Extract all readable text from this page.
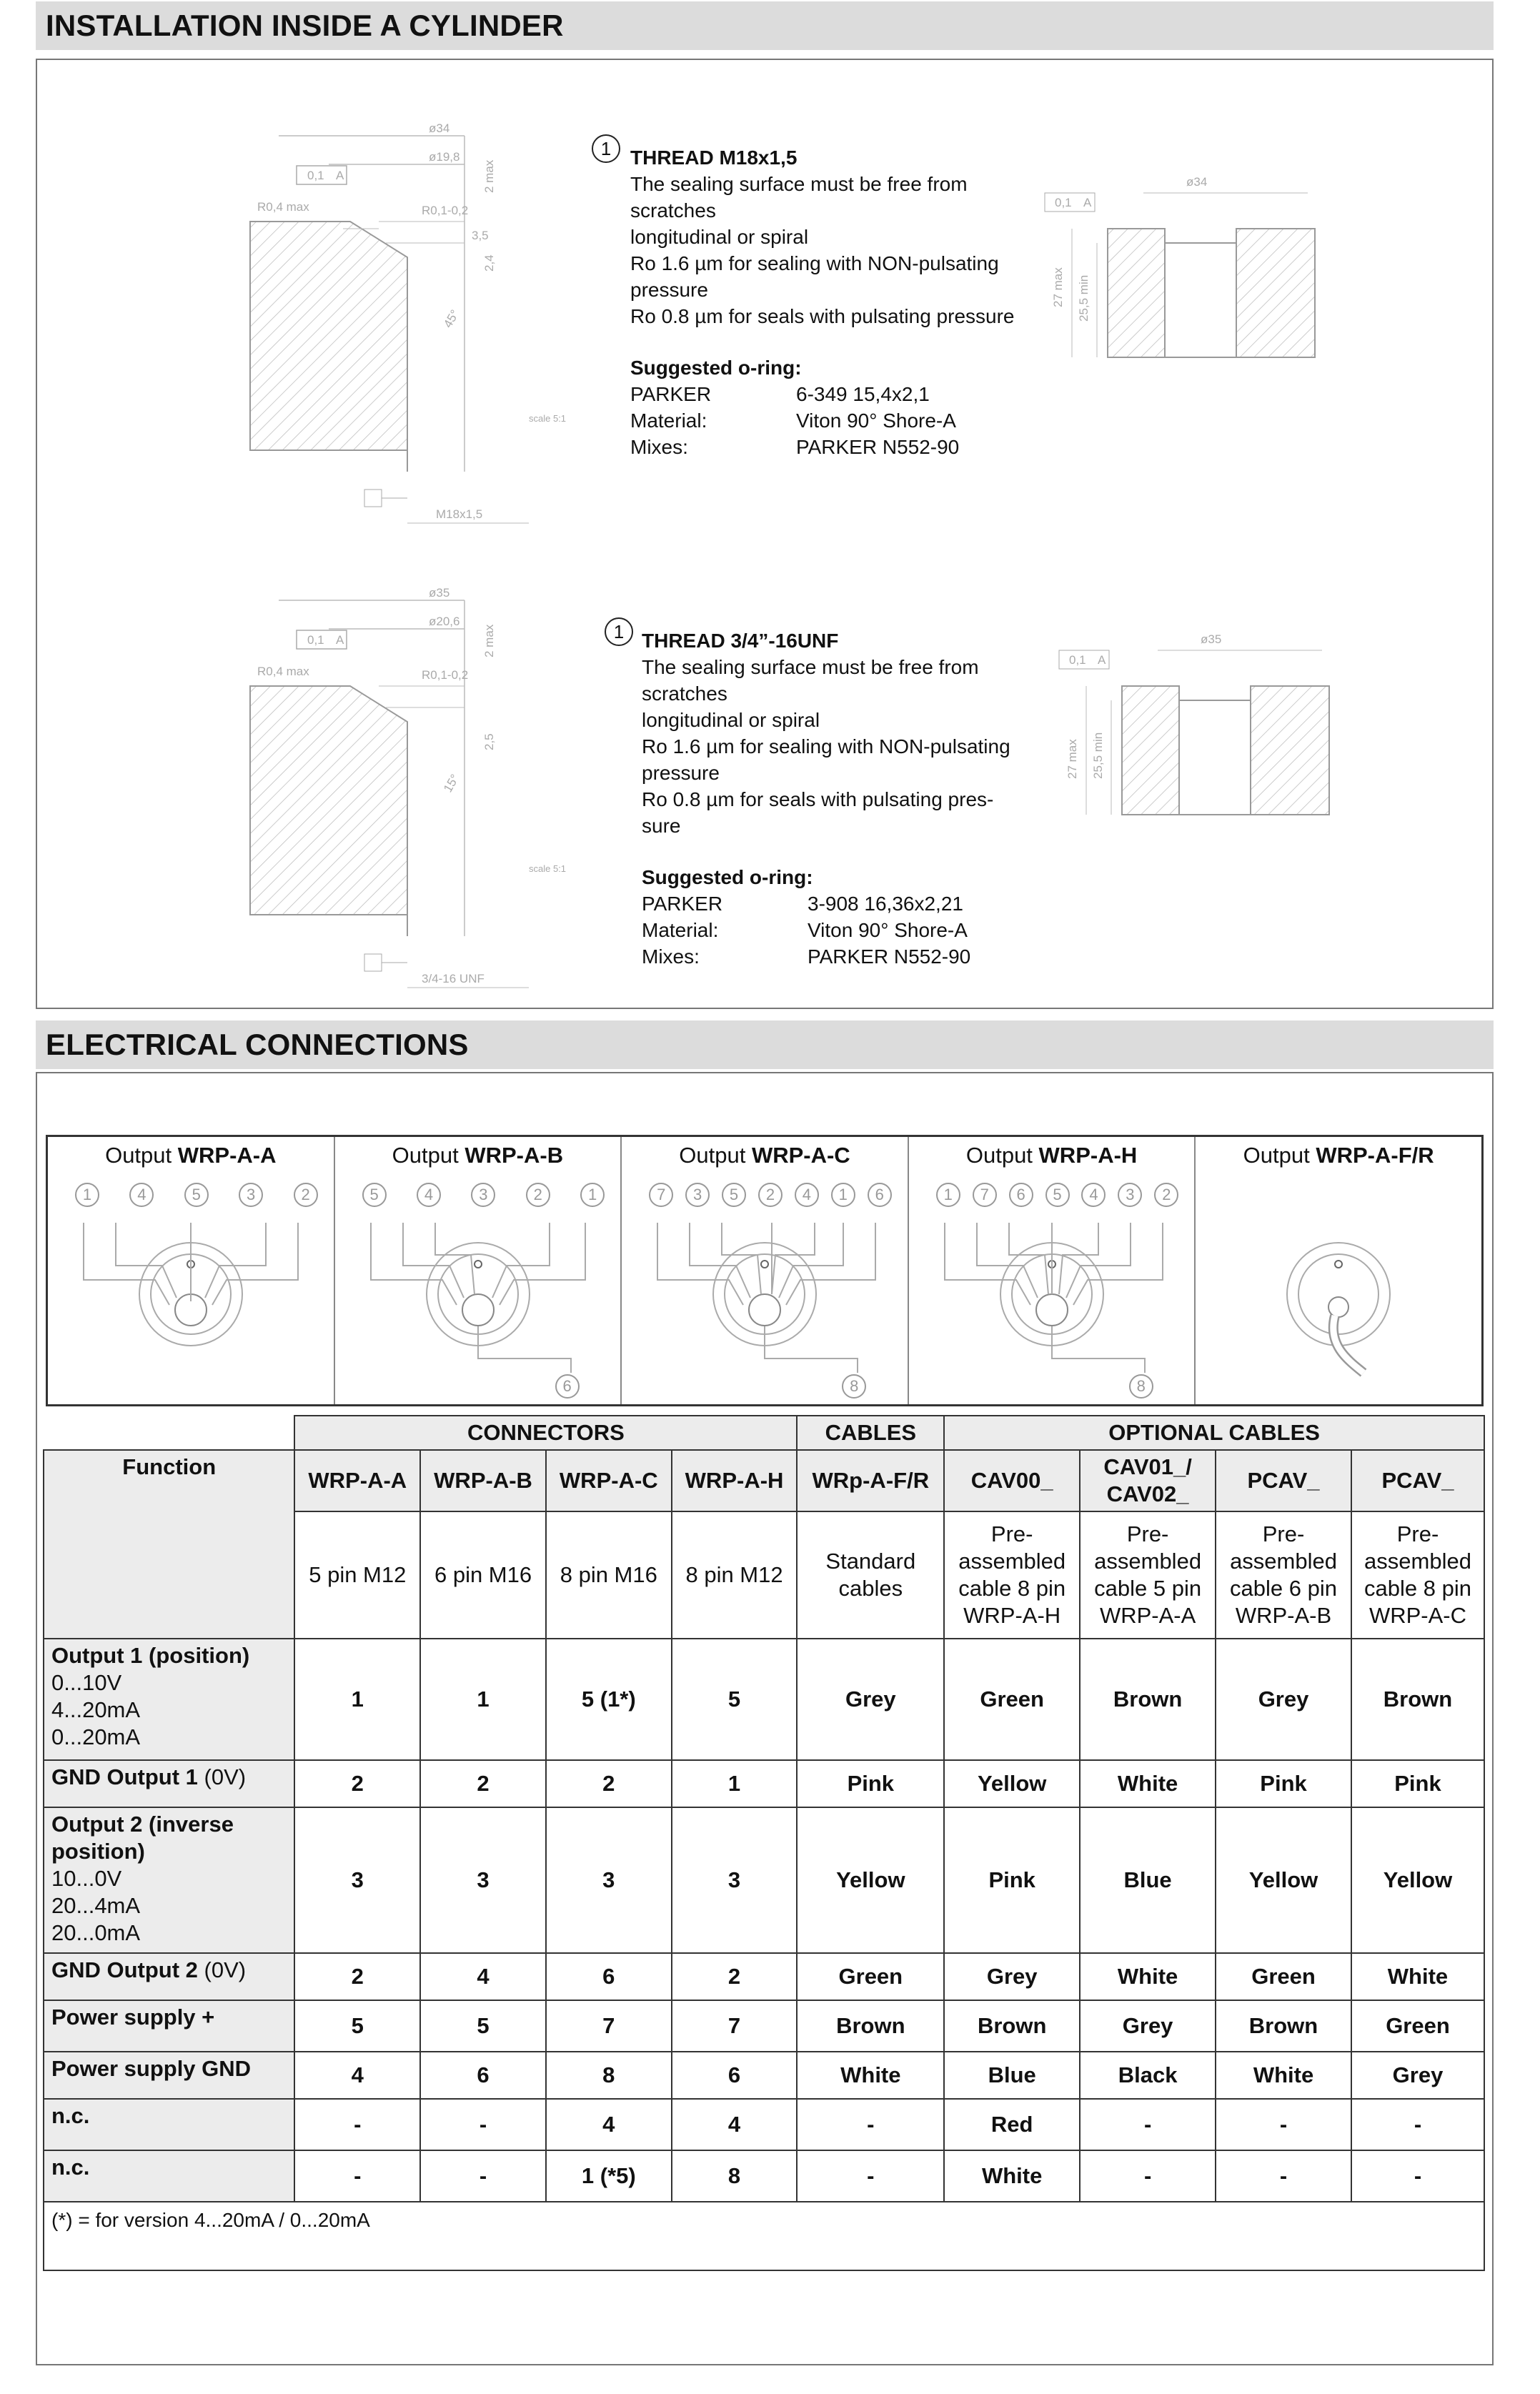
INSTALLATION INSIDE A CYLINDER
ø34
ø19,8
R0,4 max	R0,1-0,2
0,1 A	2 max
3,5
2,4
45°
scale 5:1
M18x1,5
ø34
0,1 A
27 max 25,5 min
1 THREAD M18x1,5
The sealing surface must be free from
scratches
longitudinal or spiral
Ro 1.6 µm for sealing with NON-pulsating
pressure
Ro 0.8 µm for seals with pulsating pressure
Suggested o-ring:
PARKER	6-349 15,4x2,1
Material:	Viton 90° Shore-A
Mixes:	PARKER N552-90
ø35
ø20,6
R0,4 max	R0,1-0,2
0,1 A	2 max
2,5
15°
scale 5:1
3/4-16 UNF
ø35
0,1 A
27 max 25,5 min
1 THREAD 3/4”-16UNF
The sealing surface must be free from
scratches
longitudinal or spiral
Ro 1.6 µm for sealing with NON-pulsating
pressure
Ro 0.8 µm for seals with pulsating pres-
sure
Suggested o-ring:
PARKER	3-908 16,36x2,21
Material:	Viton 90° Shore-A
Mixes:	PARKER N552-90
ELECTRICAL CONNECTIONS
Output WRP-A-A
1	4	5	3	2
Output WRP-A-B
5	4	3	2	1
6
Output WRP-A-C
7	3	5	2	4	1	6
8
Output WRP-A-H
1	7	6	5	4	3	2
8
Output WRP-A-F/R
	CONNECTORS				CABLES	OPTIONAL CABLES			
Function	WRP-A-A	WRP-A-B	WRP-A-C	WRP-A-H	WRp-A-F/R	CAV00_	CAV01_/ CAV02_	PCAV_	PCAV_
	5 pin M12	6 pin M16	8 pin M16	8 pin M12	Standard cables	Pre-assembled cable 8 pin WRP-A-H	Pre-assembled cable 5 pin WRP-A-A	Pre-assembled cable 6 pin WRP-A-B	Pre-assembled cable 8 pin WRP-A-C
Output 1 (position)
0...10V
4...20mA
0...20mA	1	1	5 (1*)	5	Grey	Green	Brown	Grey	Brown
GND Output 1 (0V)	2	2	2	1	Pink	Yellow	White	Pink	Pink
Output 2 (inverse position)
10...0V
20...4mA
20...0mA	3	3	3	3	Yellow	Pink	Blue	Yellow	Yellow
GND Output 2 (0V)	2	4	6	2	Green	Grey	White	Green	White
Power supply +	5	5	7	7	Brown	Brown	Grey	Brown	Green
Power supply GND	4	6	8	6	White	Blue	Black	White	Grey
n.c.	-	-	4	4	-	Red	-	-	-
n.c.	-	-	1 (*5)	8	-	White	-	-	-
(*) = for version 4...20mA / 0...20mA									
